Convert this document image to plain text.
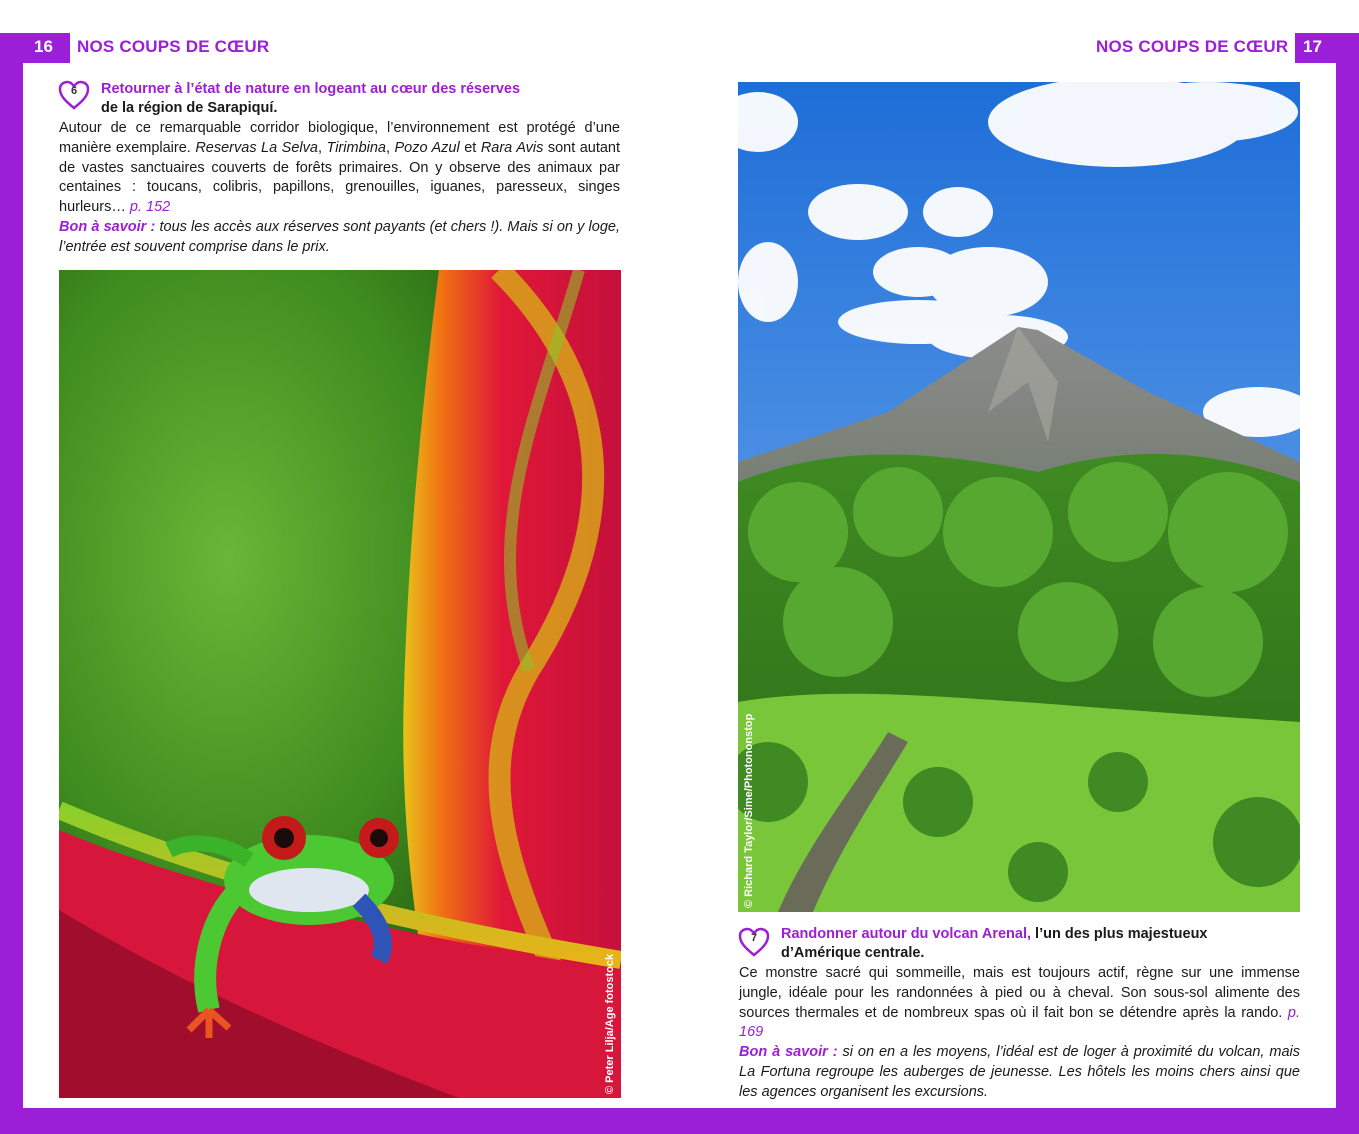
16 NOS COUPS DE CŒUR
6	Retourner à l’état de nature en logeant au cœur des réserves
de la région de Sarapiquí.
Autour de ce remarquable corridor biologique, l’environnement est protégé d’une manière exemplaire. Reservas La Selva, Tirimbina, Pozo Azul et Rara Avis sont autant de vastes sanctuaires couverts de forêts primaires. On y observe des animaux par centaines : toucans, colibris, papillons, grenouilles, iguanes, paresseux, singes hurleurs… p. 152
Bon à savoir : tous les accès aux réserves sont payants (et chers !). Mais si on y loge, l’entrée est souvent comprise dans le prix.
© Peter Lilja/Age fotostock
NOS COUPS DE CŒUR 17
© Richard Taylor/Sime/Photononstop
7	Randonner autour du volcan Arenal, l’un des plus majestueux
d’Amérique centrale.
Ce monstre sacré qui sommeille, mais est toujours actif, règne sur une immense jungle, idéale pour les randonnées à pied ou à cheval. Son sous-sol alimente des sources thermales et de nombreux spas où il fait bon se détendre après la rando. p. 169
Bon à savoir : si on en a les moyens, l’idéal est de loger à proximité du volcan, mais La Fortuna regroupe les auberges de jeunesse. Les hôtels les moins chers ainsi que les agences organisent les excursions.
